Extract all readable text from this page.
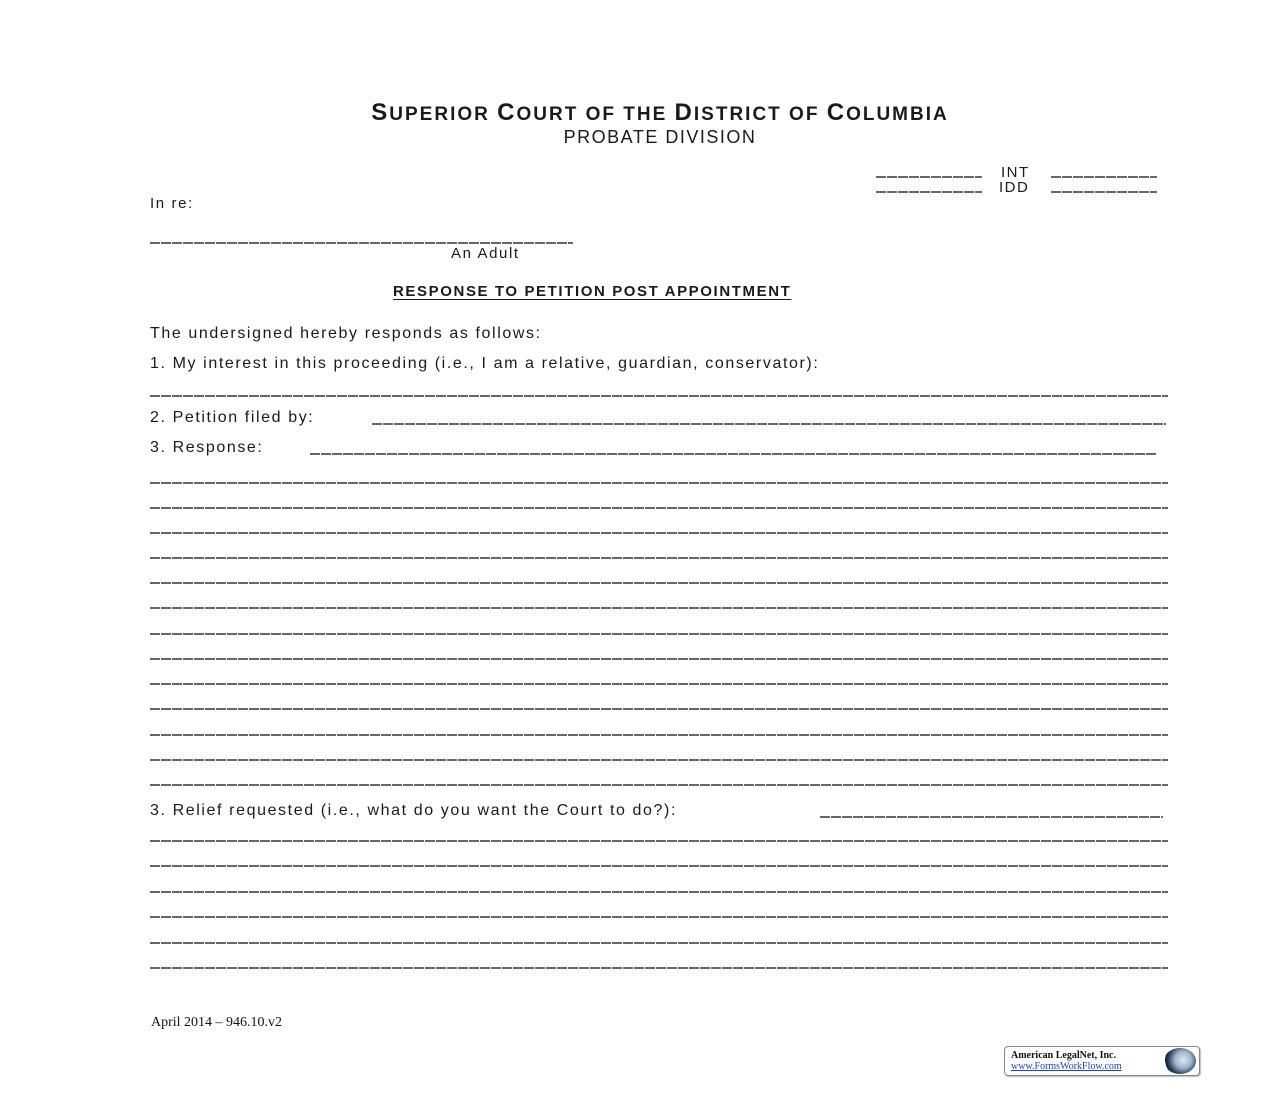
SUPERIOR COURT OF THE DISTRICT OF COLUMBIA
PROBATE DIVISION
INT
IDD
In re:
An Adult
RESPONSE TO PETITION POST APPOINTMENT
The undersigned hereby responds as follows:
1. My interest in this proceeding (i.e., I am a relative, guardian, conservator):
2. Petition filed by:
3. Response:
3. Relief requested (i.e., what do you want the Court to do?):
April 2014 – 946.10.v2
American LegalNet, Inc.
www.FormsWorkFlow.com
